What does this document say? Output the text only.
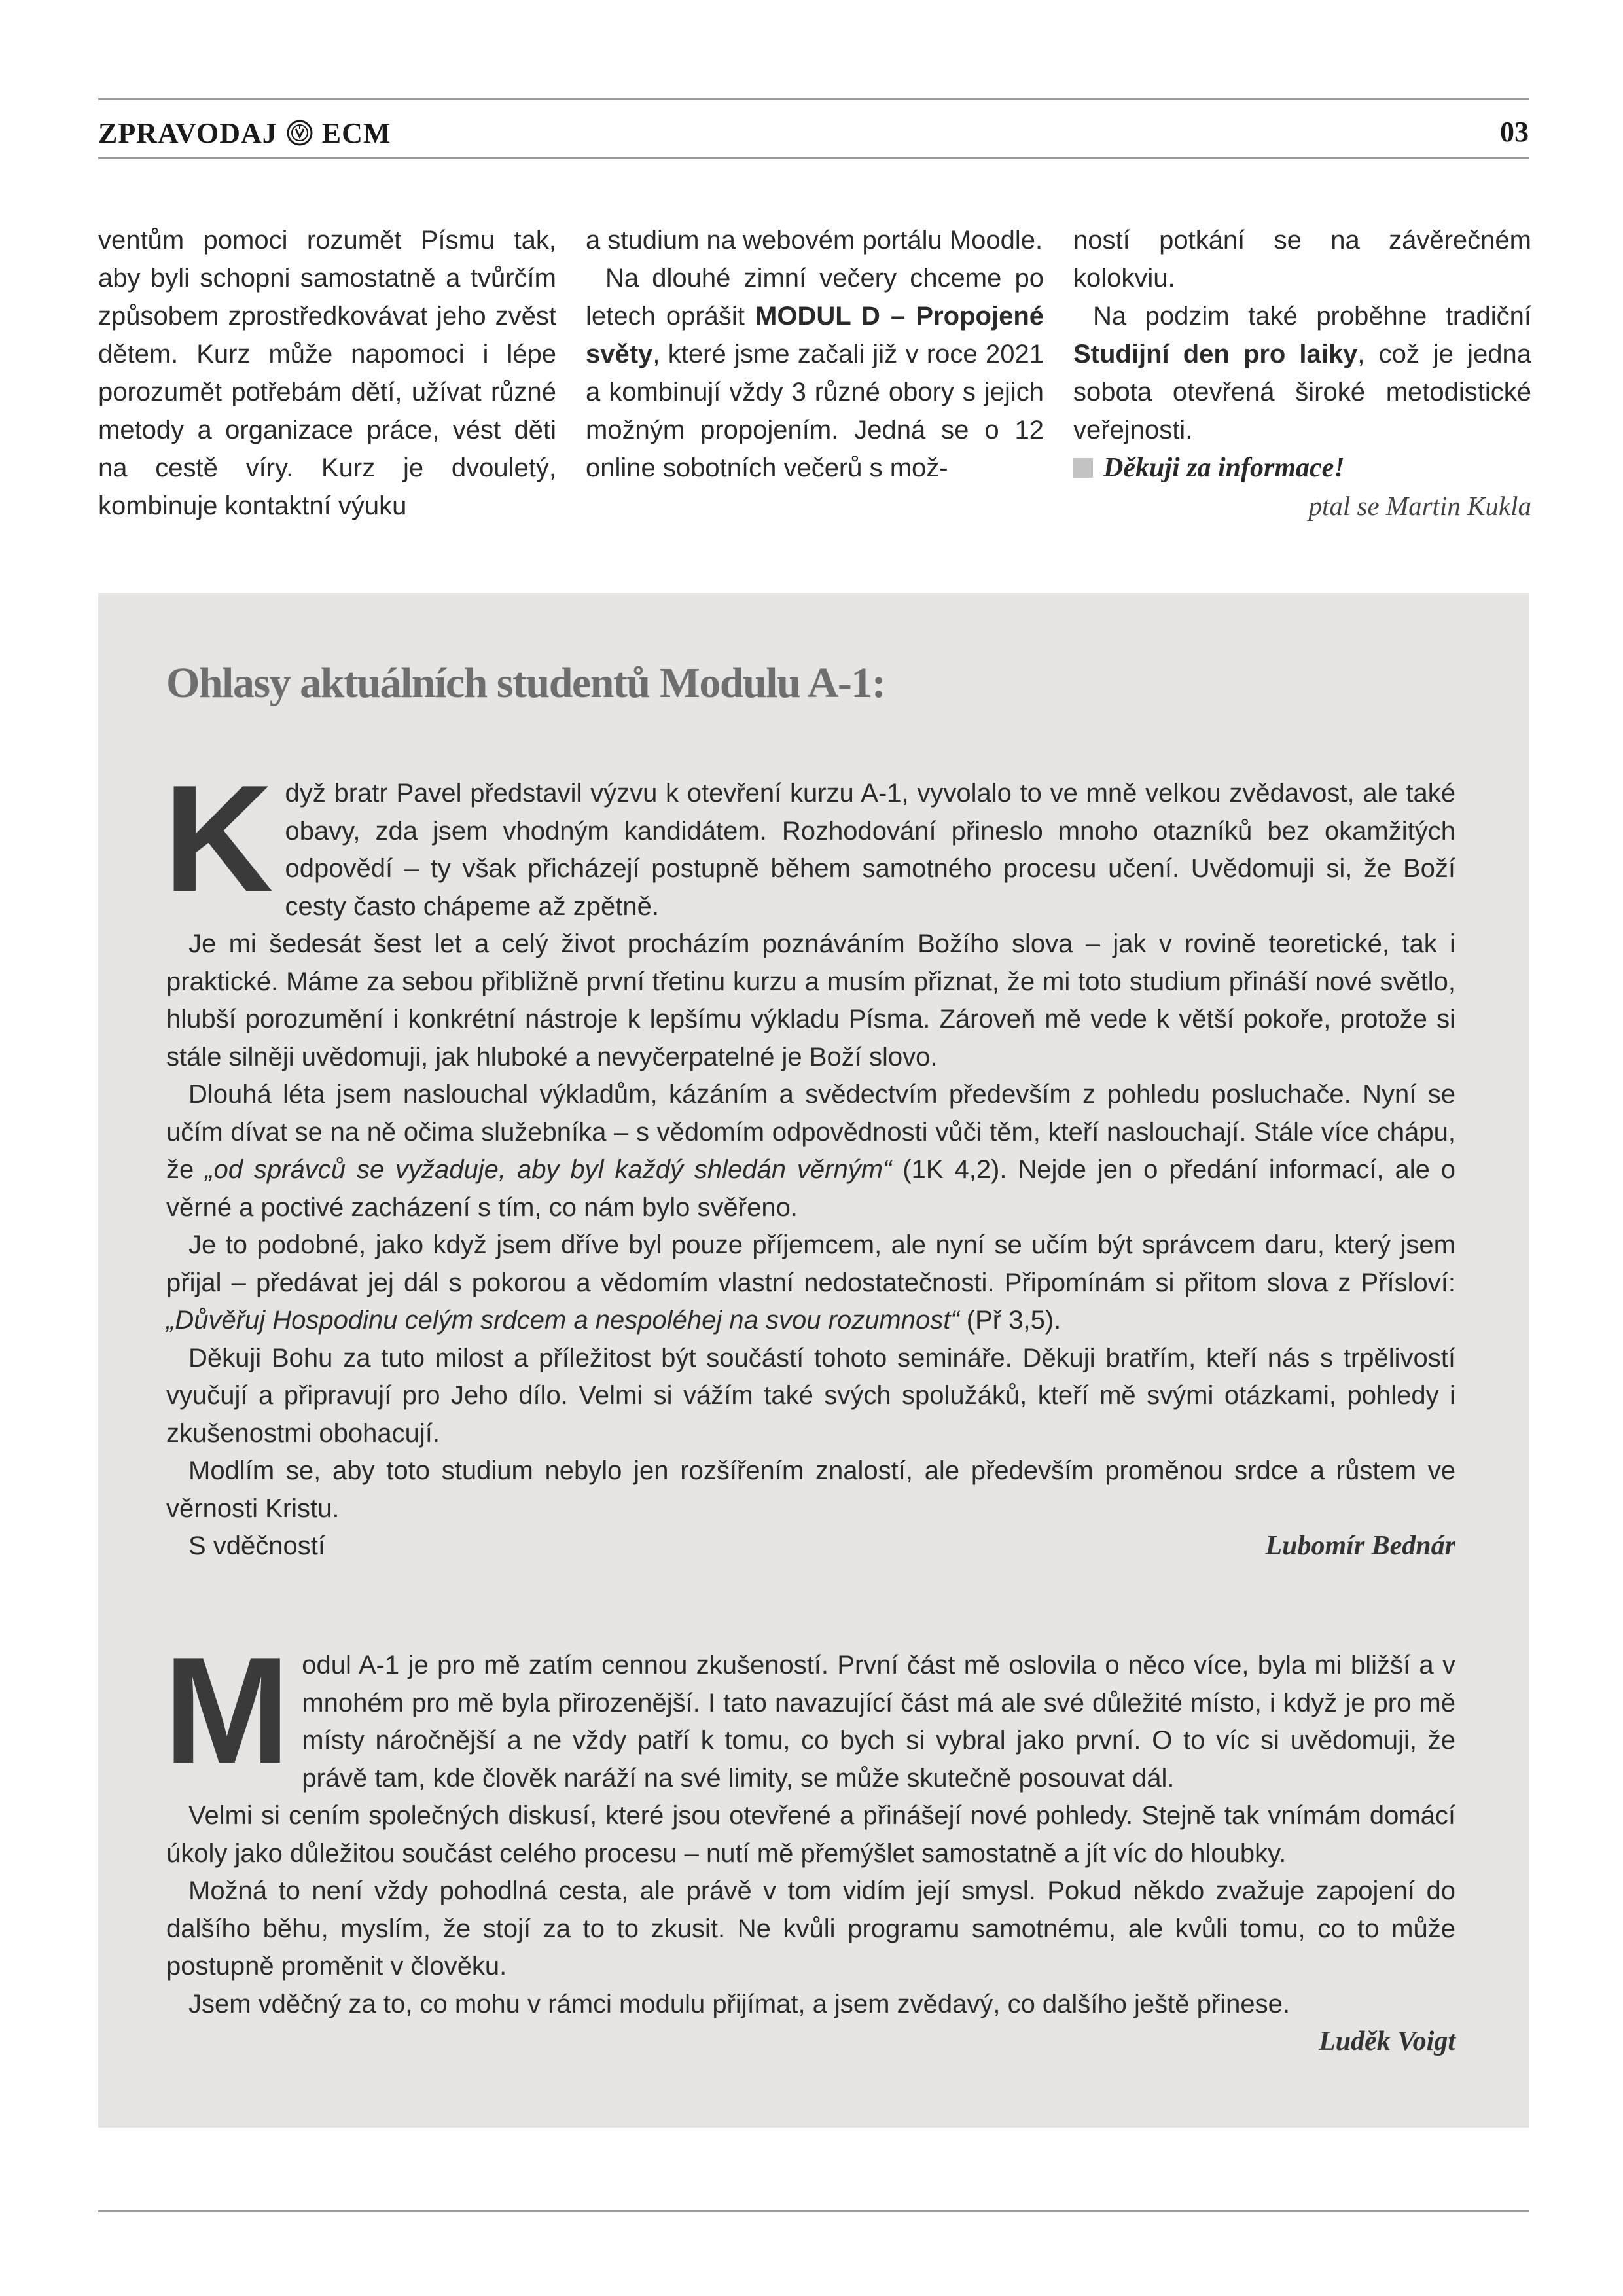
ZPRAVODAJ ECM	03

ventům pomoci rozumět Písmu tak, aby byli schopni samostatně a tvůrčím způsobem zprostředkovávat jeho zvěst dětem. Kurz může napomoci i lépe porozumět potřebám dětí, užívat různé metody a organizace práce, vést děti na cestě víry. Kurz je dvouletý, kombinuje kontaktní výuku

a studium na webovém portálu Moodle.

Na dlouhé zimní večery chceme po letech oprášit MODUL D – Propojené světy, které jsme začali již v roce 2021 a kombinují vždy 3 různé obory s jejich možným propojením. Jedná se o 12 online sobotních večerů s mož-

ností potkání se na závěrečném kolokviu.

Na podzim také proběhne tradiční Studijní den pro laiky, což je jedna sobota otevřená široké metodistické veřejnosti.

Děkuji za informace!
ptal se Martin Kukla
Ohlasy aktuálních studentů Modulu A-1:

Když bratr Pavel představil výzvu k otevření kurzu A-1, vyvolalo to ve mně velkou zvědavost, ale také obavy, zda jsem vhodným kandidátem. Rozhodování přineslo mnoho otazníků bez okamžitých odpovědí – ty však přicházejí postupně během samotného procesu učení. Uvědomuji si, že Boží cesty často chápeme až zpětně.

Je mi šedesát šest let a celý život procházím poznáváním Božího slova – jak v rovině teoretické, tak i praktické. Máme za sebou přibližně první třetinu kurzu a musím přiznat, že mi toto studium přináší nové světlo, hlubší porozumění i konkrétní nástroje k lepšímu výkladu Písma. Zároveň mě vede k větší pokoře, protože si stále silněji uvědomuji, jak hluboké a nevyčerpatelné je Boží slovo.

Dlouhá léta jsem naslouchal výkladům, kázáním a svědectvím především z pohledu posluchače. Nyní se učím dívat se na ně očima služebníka – s vědomím odpovědnosti vůči těm, kteří naslouchají. Stále více chápu, že „od správců se vyžaduje, aby byl každý shledán věrným“ (1K 4,2). Nejde jen o předání informací, ale o věrné a poctivé zacházení s tím, co nám bylo svěřeno.

Je to podobné, jako když jsem dříve byl pouze příjemcem, ale nyní se učím být správcem daru, který jsem přijal – předávat jej dál s pokorou a vědomím vlastní nedostatečnosti. Připomínám si přitom slova z Přísloví: „Důvěřuj Hospodinu celým srdcem a nespoléhej na svou rozumnost“ (Př 3,5).

Děkuji Bohu za tuto milost a příležitost být součástí tohoto semináře. Děkuji bratřím, kteří nás s trpělivostí vyučují a připravují pro Jeho dílo. Velmi si vážím také svých spolužáků, kteří mě svými otázkami, pohledy i zkušenostmi obohacují.

Modlím se, aby toto studium nebylo jen rozšířením znalostí, ale především proměnou srdce a růstem ve věrnosti Kristu.

S vděčností	Lubomír Bednár

Modul A-1 je pro mě zatím cennou zkušeností. První část mě oslovila o něco více, byla mi bližší a v mnohém pro mě byla přirozenější. I tato navazující část má ale své důležité místo, i když je pro mě místy náročnější a ne vždy patří k tomu, co bych si vybral jako první. O to víc si uvědomuji, že právě tam, kde člověk naráží na své limity, se může skutečně posouvat dál.

Velmi si cením společných diskusí, které jsou otevřené a přinášejí nové pohledy. Stejně tak vnímám domácí úkoly jako důležitou součást celého procesu – nutí mě přemýšlet samostatně a jít víc do hloubky.

Možná to není vždy pohodlná cesta, ale právě v tom vidím její smysl. Pokud někdo zvažuje zapojení do dalšího běhu, myslím, že stojí za to to zkusit. Ne kvůli programu samotnému, ale kvůli tomu, co to může postupně proměnit v člověku.

Jsem vděčný za to, co mohu v rámci modulu přijímat, a jsem zvědavý, co dalšího ještě přinese.

Luděk Voigt
